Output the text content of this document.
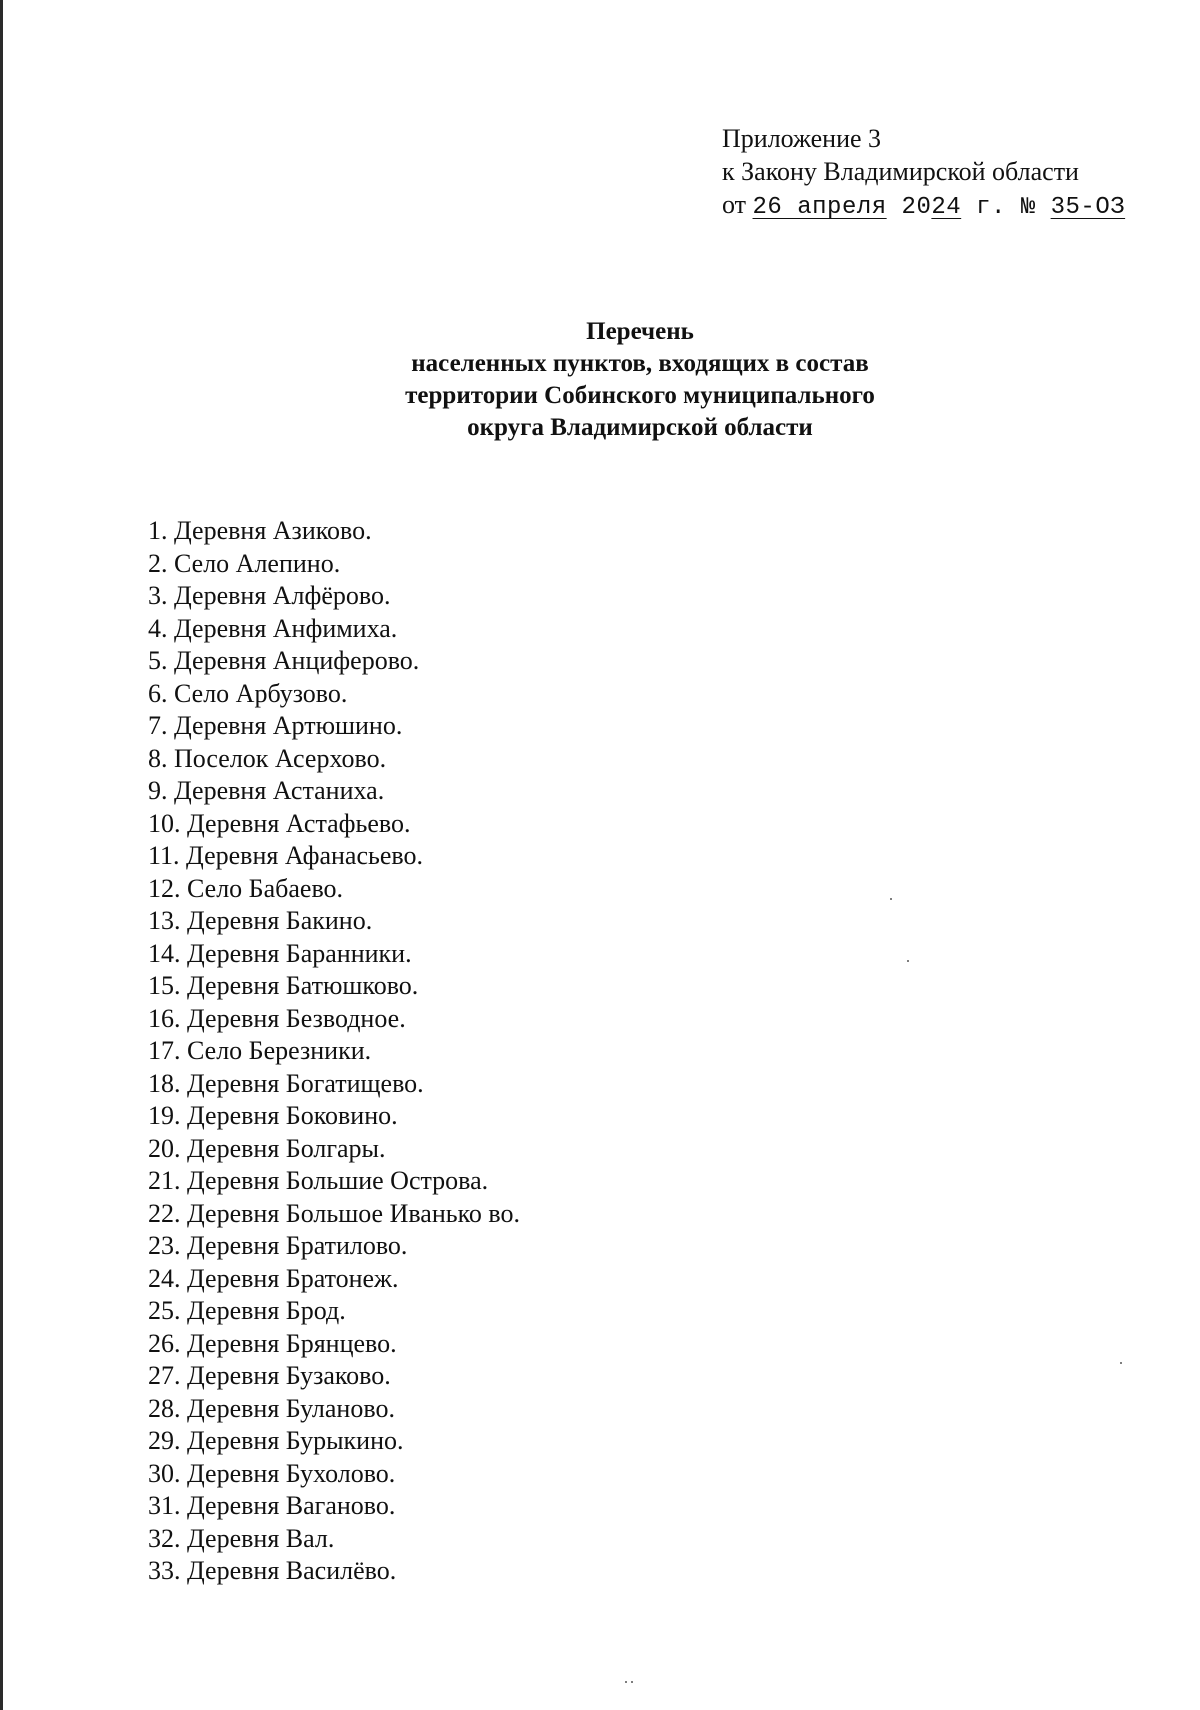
Приложение 3
к Закону Владимирской области
от 26 апреля 2024 г. № 35-ОЗ
Перечень
населенных пунктов, входящих в состав
территории Собинского муниципального
округа Владимирской области
1. Деревня Азиково.
2. Село Алепино.
3. Деревня Алфёрово.
4. Деревня Анфимиха.
5. Деревня Анциферово.
6. Село Арбузово.
7. Деревня Артюшино.
8. Поселок Асерхово.
9. Деревня Астаниха.
10. Деревня Астафьево.
11. Деревня Афанасьево.
12. Село Бабаево.
13. Деревня Бакино.
14. Деревня Баранники.
15. Деревня Батюшково.
16. Деревня Безводное.
17. Село Березники.
18. Деревня Богатищево.
19. Деревня Боковино.
20. Деревня Болгары.
21. Деревня Большие Острова.
22. Деревня Большое Иванько во.
23. Деревня Братилово.
24. Деревня Братонеж.
25. Деревня Брод.
26. Деревня Брянцево.
27. Деревня Бузаково.
28. Деревня Буланово.
29. Деревня Бурыкино.
30. Деревня Бухолово.
31. Деревня Ваганово.
32. Деревня Вал.
33. Деревня Василёво.
